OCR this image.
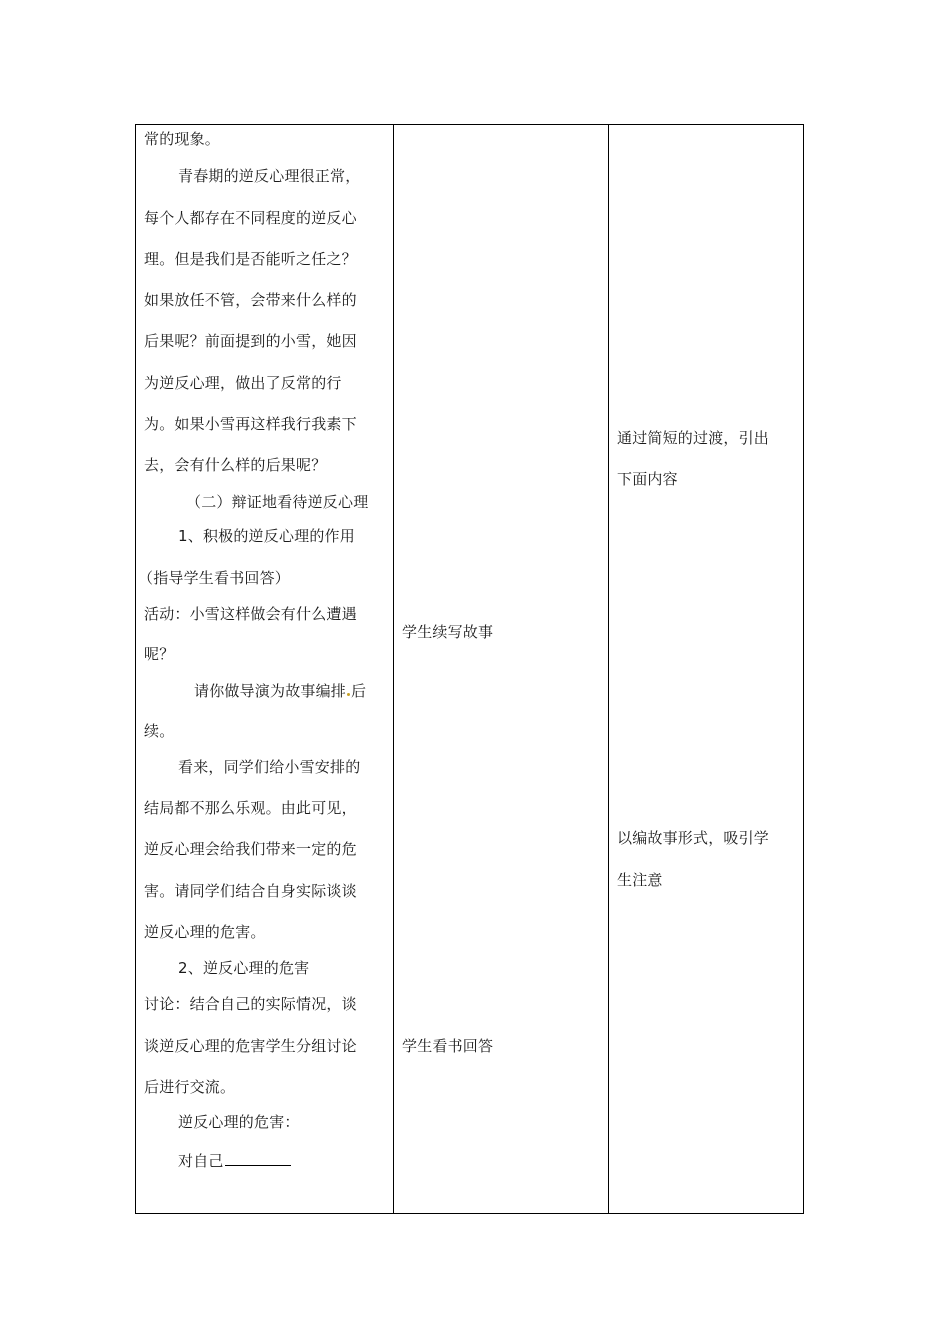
常的现象。
青春期的逆反心理很正常，
每个人都存在不同程度的逆反心
理。但是我们是否能听之任之？
如果放任不管，会带来什么样的
后果呢？前面提到的小雪，她因
为逆反心理，做出了反常的行
为。如果小雪再这样我行我素下
去，会有什么样的后果呢？
（二）辩证地看待逆反心理
1、积极的逆反心理的作用
（指导学生看书回答）
活动：小雪这样做会有什么遭遇
呢？
请你做导演为故事编排 后
续。
看来，同学们给小雪安排的
结局都不那么乐观。由此可见，
逆反心理会给我们带来一定的危
害。请同学们结合自身实际谈谈
逆反心理的危害。
2、逆反心理的危害
讨论：结合自己的实际情况，谈
谈逆反心理的危害学生分组讨论
后进行交流。
逆反心理的危害：
对自己
学生续写故事
学生看书回答
通过简短的过渡，引出
下面内容
以编故事形式，吸引学
生注意
